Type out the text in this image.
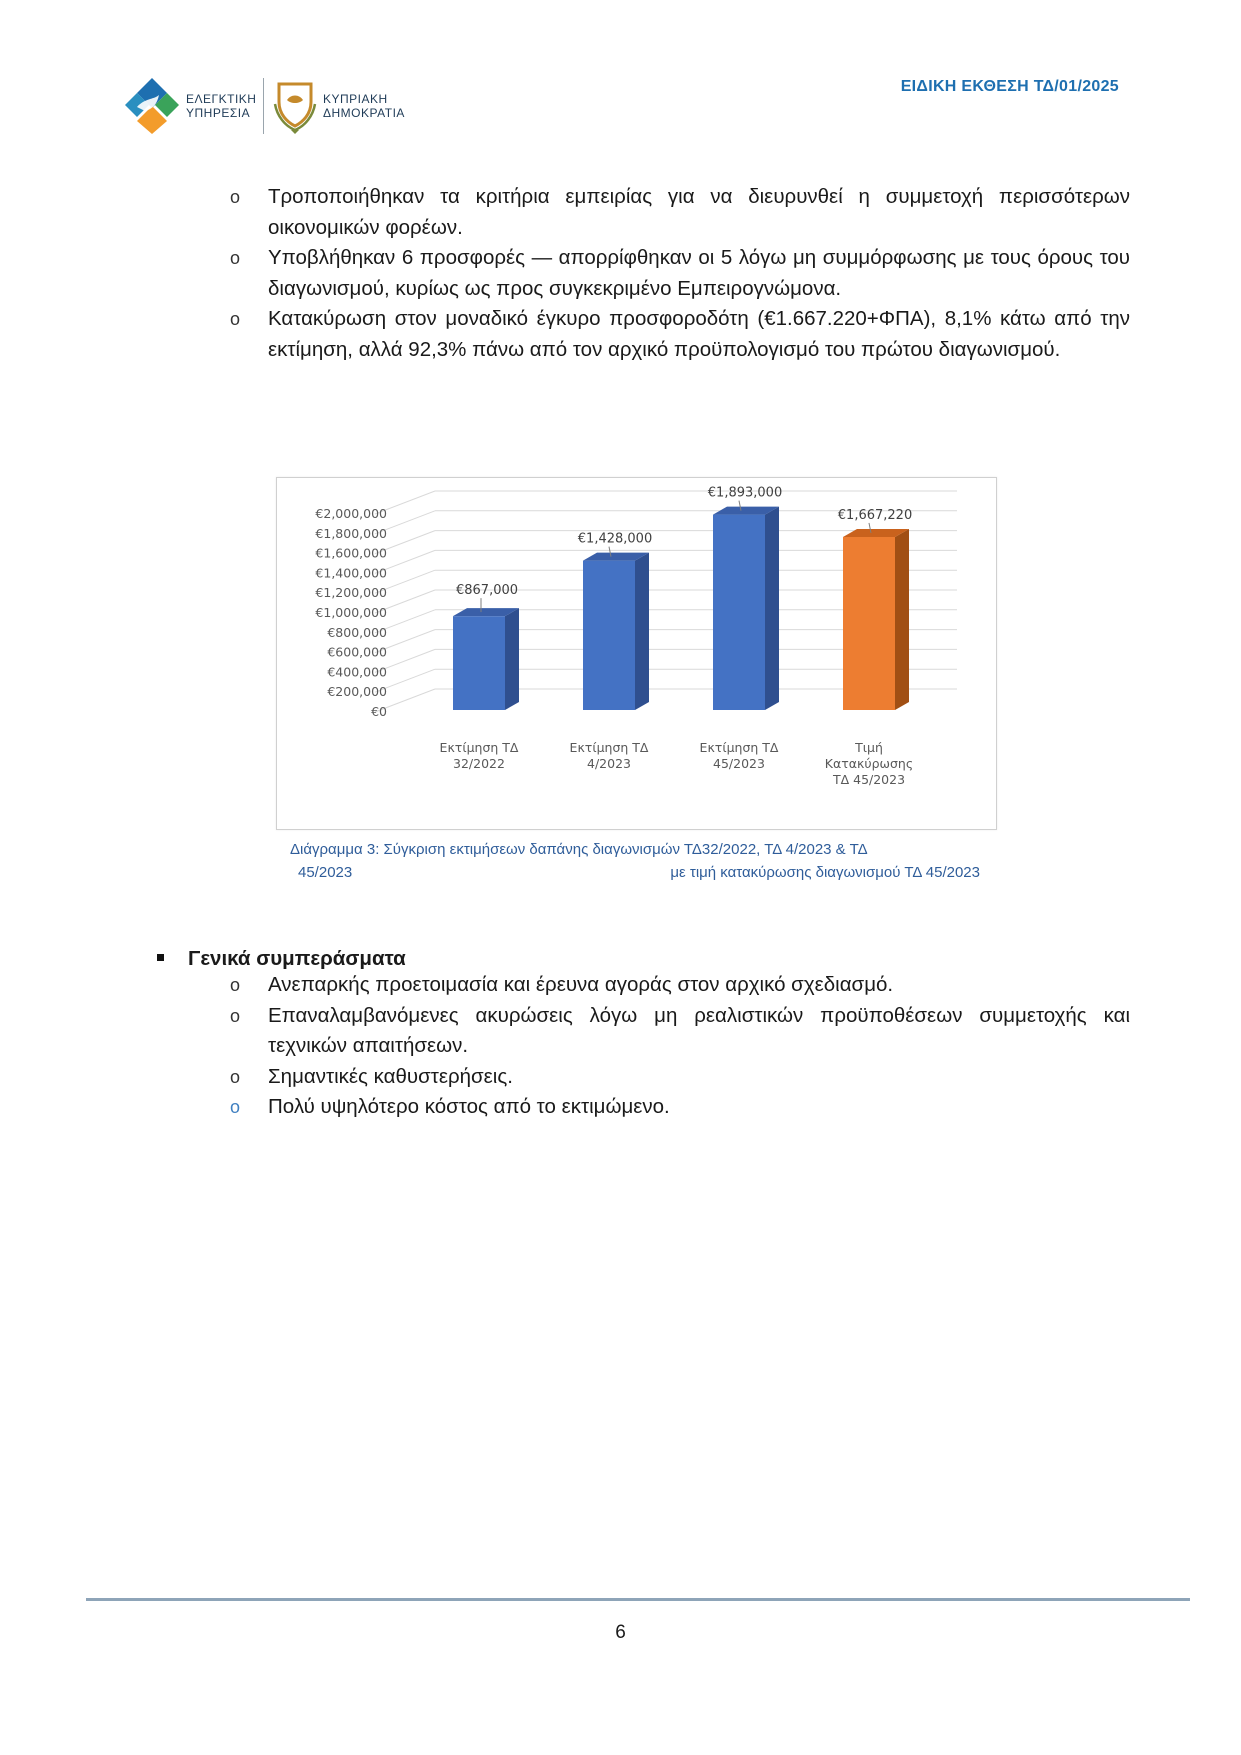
ΕΛΕΓΚΤΙΚΗ
ΥΠΗΡΕΣΙΑ
ΚΥΠΡΙΑΚΗ
ΔΗΜΟΚΡΑΤΙΑ
ΕΙΔΙΚΗ ΕΚΘΕΣΗ ΤΔ/01/2025
o Τροποποιήθηκαν τα κριτήρια εμπειρίας για να διευρυνθεί η συμμετοχή περισσότερων οικονομικών φορέων.
o Υποβλήθηκαν 6 προσφορές — απορρίφθηκαν οι 5 λόγω μη συμμόρφωσης με τους όρους του διαγωνισμού, κυρίως ως προς συγκεκριμένο Εμπειρογνώμονα.
o Κατακύρωση στον μοναδικό έγκυρο προσφοροδότη (€1.667.220+ΦΠΑ), 8,1% κάτω από την εκτίμηση, αλλά 92,3% πάνω από τον αρχικό προϋπολογισμό του πρώτου διαγωνισμού.
€0
€200,000
€400,000
€600,000
€800,000
€1,000,000
€1,200,000
€1,400,000
€1,600,000
€1,800,000
€2,000,000
€867,000
Εκτίμηση ΤΔ
32/2022
€1,428,000
Εκτίμηση ΤΔ
4/2023
€1,893,000
Εκτίμηση ΤΔ
45/2023
€1,667,220
Τιμή
Κατακύρωσης
ΤΔ 45/2023
Διάγραμμα 3: Σύγκριση εκτιμήσεων δαπάνης διαγωνισμών ΤΔ32/2022, ΤΔ 4/2023 & ΤΔ
45/2023	με τιμή κατακύρωσης διαγωνισμού ΤΔ 45/2023
Γενικά συμπεράσματα
o Ανεπαρκής προετοιμασία και έρευνα αγοράς στον αρχικό σχεδιασμό.
o Επαναλαμβανόμενες ακυρώσεις λόγω μη ρεαλιστικών προϋποθέσεων συμμετοχής και τεχνικών απαιτήσεων.
o Σημαντικές καθυστερήσεις.
o Πολύ υψηλότερο κόστος από το εκτιμώμενο.
6
